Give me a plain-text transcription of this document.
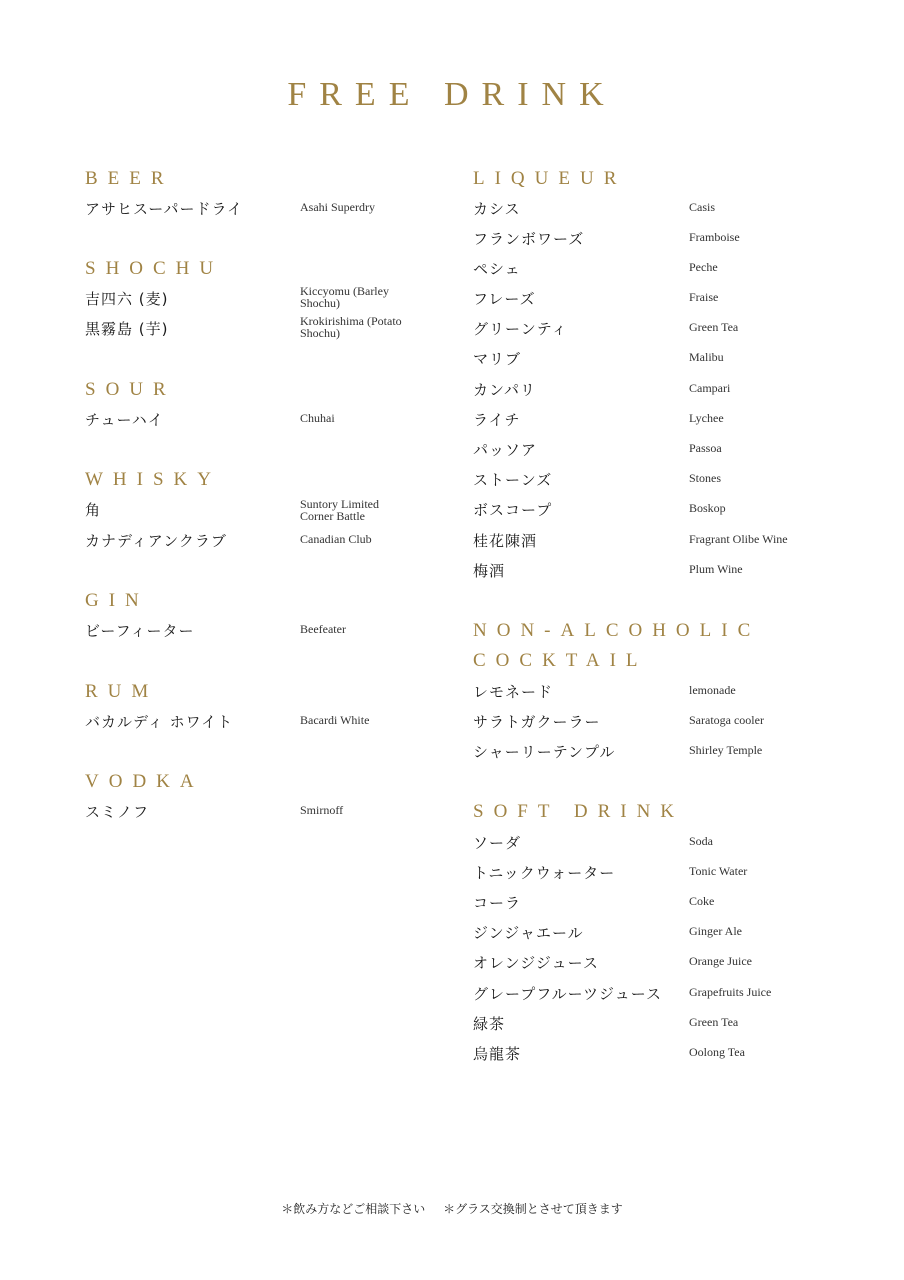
FREE DRINK
BEER
アサヒスーパードライ	Asahi Superdry
SHOCHU
吉四六 (麦)	Kiccyomu (Barley Shochu)
黒霧島 (芋)	Krokirishima (Potato Shochu)
SOUR
チューハイ	Chuhai
WHISKY
角	Suntory Limited Corner Battle
カナディアンクラブ	Canadian Club
GIN
ビーフィーター	Beefeater
RUM
バカルディ ホワイト	Bacardi White
VODKA
スミノフ	Smirnoff
LIQUEUR
カシス	Casis
フランボワーズ	Framboise
ペシェ	Peche
フレーズ	Fraise
グリーンティ	Green Tea
マリブ	Malibu
カンパリ	Campari
ライチ	Lychee
パッソア	Passoa
ストーンズ	Stones
ボスコープ	Boskop
桂花陳酒	Fragrant Olibe Wine
梅酒	Plum Wine
NON-ALCOHOLIC
COCKTAIL
レモネード	lemonade
サラトガクーラー	Saratoga cooler
シャーリーテンプル	Shirley Temple
SOFT DRINK
ソーダ	Soda
トニックウォーター	Tonic Water
コーラ	Coke
ジンジャエール	Ginger Ale
オレンジジュース	Orange Juice
グレープフルーツジュース Grapefruits Juice
緑茶	Green Tea
烏龍茶	Oolong Tea
＊飲み方などご相談下さい ＊グラス交換制とさせて頂きます
